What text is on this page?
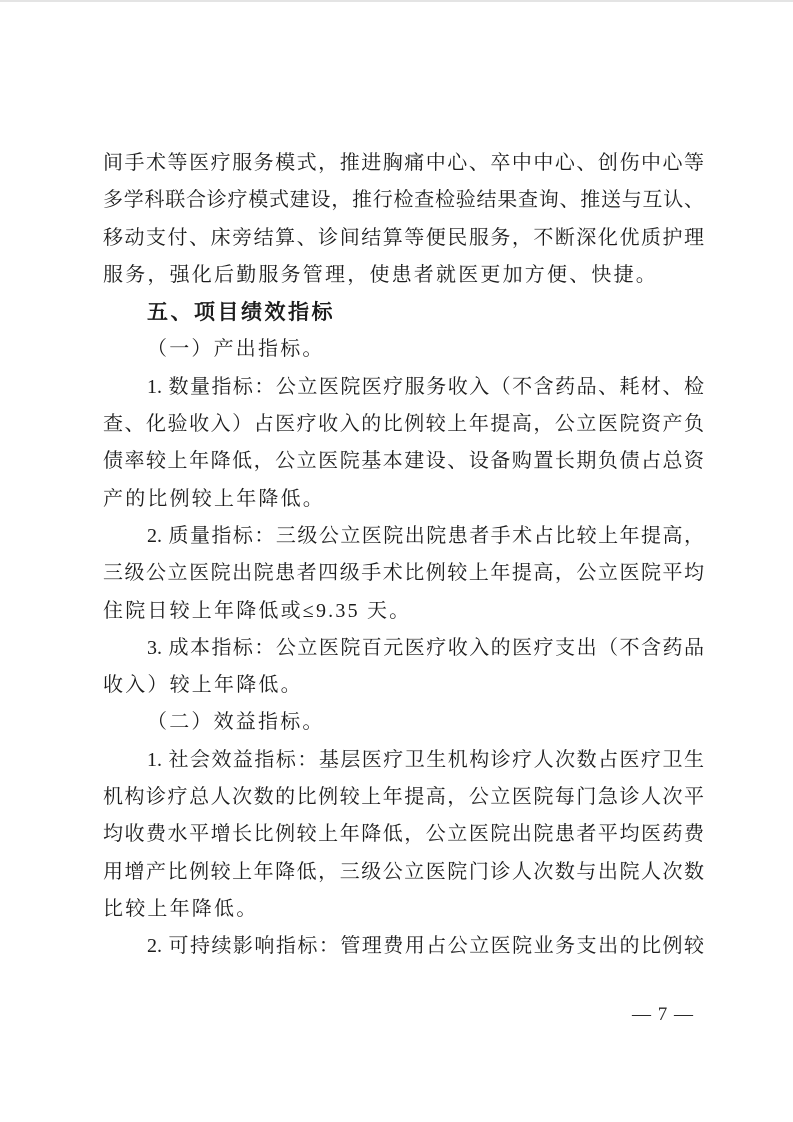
间手术等医疗服务模式，推进胸痛中心、卒中中心、创伤中心等
多学科联合诊疗模式建设，推行检查检验结果查询、推送与互认、
移动支付、床旁结算、诊间结算等便民服务，不断深化优质护理
服务，强化后勤服务管理，使患者就医更加方便、快捷。
五、项目绩效指标
（一）产出指标。
1. 数量指标：公立医院医疗服务收入（不含药品、耗材、检
查、化验收入）占医疗收入的比例较上年提高，公立医院资产负
债率较上年降低，公立医院基本建设、设备购置长期负债占总资
产的比例较上年降低。
2. 质量指标：三级公立医院出院患者手术占比较上年提高，
三级公立医院出院患者四级手术比例较上年提高，公立医院平均
住院日较上年降低或≤9.35 天。
3. 成本指标：公立医院百元医疗收入的医疗支出（不含药品
收入）较上年降低。
（二）效益指标。
1. 社会效益指标：基层医疗卫生机构诊疗人次数占医疗卫生
机构诊疗总人次数的比例较上年提高，公立医院每门急诊人次平
均收费水平增长比例较上年降低，公立医院出院患者平均医药费
用增产比例较上年降低，三级公立医院门诊人次数与出院人次数
比较上年降低。
2. 可持续影响指标：管理费用占公立医院业务支出的比例较
— 7 —
